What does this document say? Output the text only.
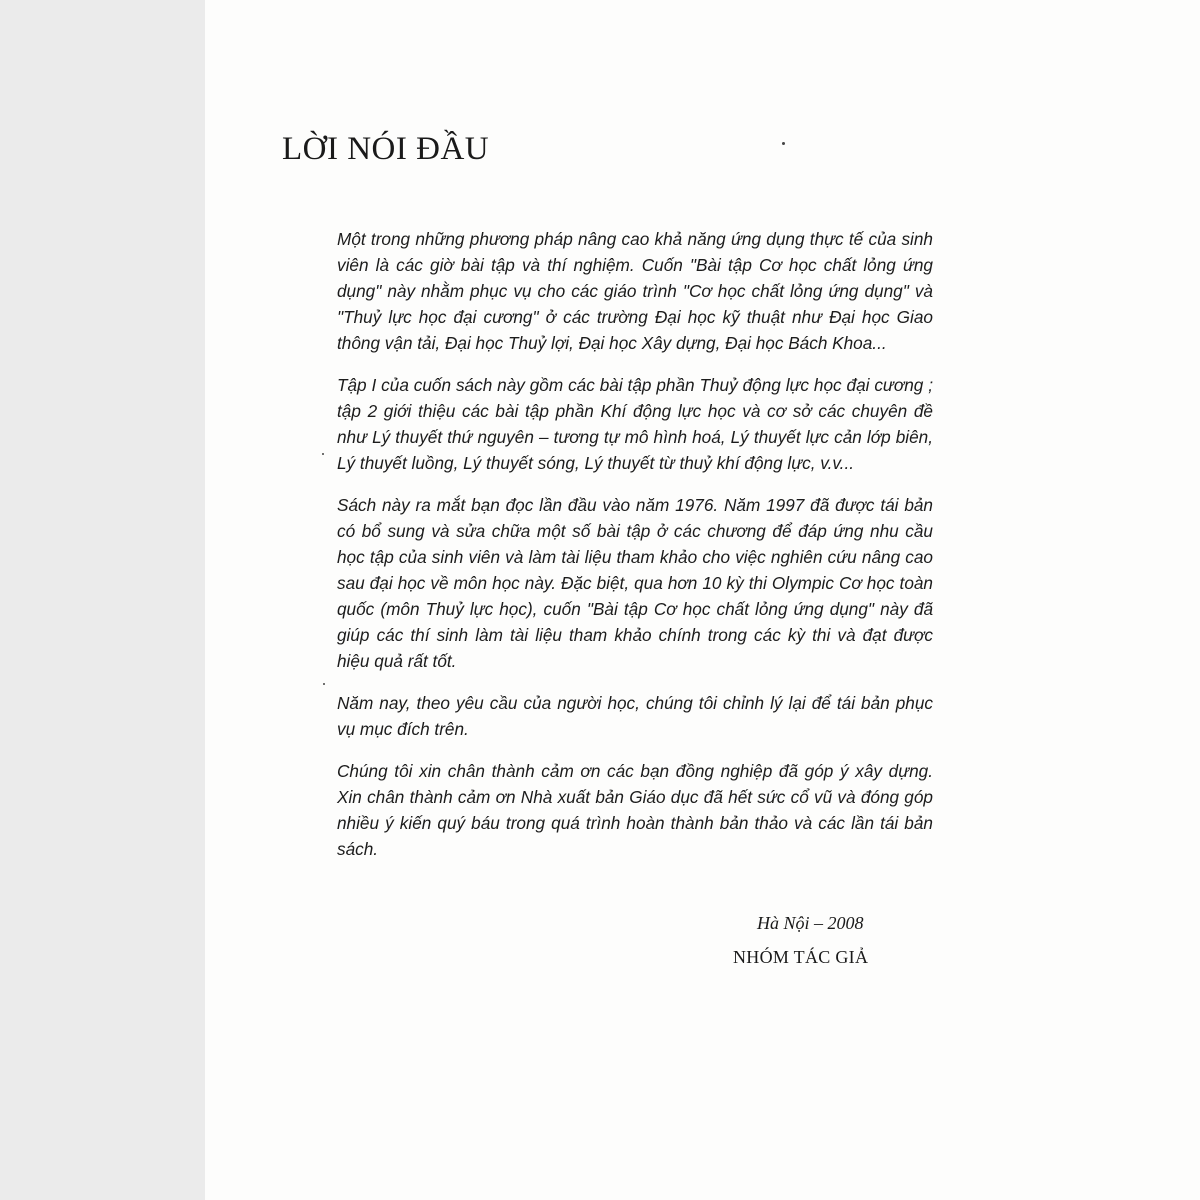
LỜI NÓI ĐẦU

Một trong những phương pháp nâng cao khả năng ứng dụng thực tế của sinh viên là các giờ bài tập và thí nghiệm. Cuốn "Bài tập Cơ học chất lỏng ứng dụng" này nhằm phục vụ cho các giáo trình "Cơ học chất lỏng ứng dụng" và "Thuỷ lực học đại cương" ở các trường Đại học kỹ thuật như Đại học Giao thông vận tải, Đại học Thuỷ lợi, Đại học Xây dựng, Đại học Bách Khoa...

Tập I của cuốn sách này gồm các bài tập phần Thuỷ động lực học đại cương ; tập 2 giới thiệu các bài tập phần Khí động lực học và cơ sở các chuyên đề như Lý thuyết thứ nguyên – tương tự mô hình hoá, Lý thuyết lực cản lớp biên, Lý thuyết luồng, Lý thuyết sóng, Lý thuyết từ thuỷ khí động lực, v.v...

Sách này ra mắt bạn đọc lần đầu vào năm 1976. Năm 1997 đã được tái bản có bổ sung và sửa chữa một số bài tập ở các chương để đáp ứng nhu cầu học tập của sinh viên và làm tài liệu tham khảo cho việc nghiên cứu nâng cao sau đại học về môn học này. Đặc biệt, qua hơn 10 kỳ thi Olympic Cơ học toàn quốc (môn Thuỷ lực học), cuốn "Bài tập Cơ học chất lỏng ứng dụng" này đã giúp các thí sinh làm tài liệu tham khảo chính trong các kỳ thi và đạt được hiệu quả rất tốt.

Năm nay, theo yêu cầu của người học, chúng tôi chỉnh lý lại để tái bản phục vụ mục đích trên.

Chúng tôi xin chân thành cảm ơn các bạn đồng nghiệp đã góp ý xây dựng. Xin chân thành cảm ơn Nhà xuất bản Giáo dục đã hết sức cổ vũ và đóng góp nhiều ý kiến quý báu trong quá trình hoàn thành bản thảo và các lần tái bản sách.

Hà Nội – 2008
NHÓM TÁC GIẢ
